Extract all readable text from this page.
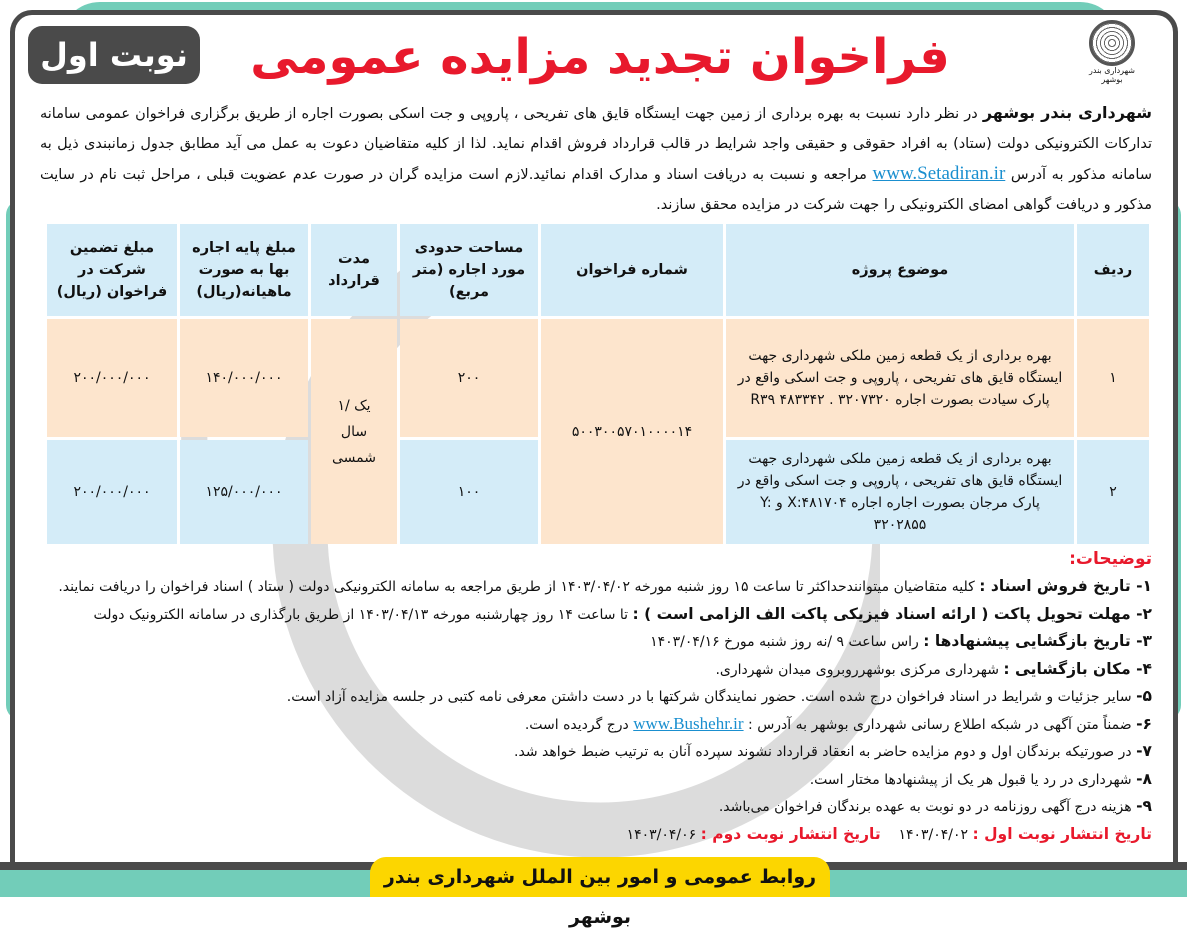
شهرداری بندر بوشهر
فراخوان تجدید مزایده عمومی
نوبت اول
شهرداری بندر بوشهر در نظر دارد نسبت به بهره برداری از زمین جهت ایستگاه قایق های تفریحی ، پاروپی و جت اسکی بصورت اجاره از طریق برگزاری فراخوان عمومی سامانه تدارکات الکترونیکی دولت (ستاد) به افراد حقوقی و حقیقی واجد شرایط در قالب قرارداد فروش اقدام نماید. لذا از کلیه متقاضیان دعوت به عمل می آید مطابق جدول زمانبندی ذیل به سامانه مذکور به آدرس www.Setadiran.ir مراجعه و نسبت به دریافت اسناد و مدارک اقدام نمائید.لازم است مزایده گران در صورت عدم عضویت قبلی ، مراحل ثبت نام در سایت مذکور و دریافت گواهی امضای الکترونیکی را جهت شرکت در مزایده محقق سازند.
ردیف	موضوع پروژه	شماره فراخوان	مساحت حدودی مورد اجاره (متر مربع)	مدت قرارداد	مبلغ پایه اجاره بها به صورت ماهیانه(ریال)	مبلغ تضمین شرکت در فراخوان (ریال)
۱	بهره برداری از یک قطعه زمین ملکی شهرداری جهت ایستگاه قایق های تفریحی ، پاروپی و جت اسکی واقع در پارک سیادت بصورت اجاره R۳۹ ۴۸۳۳۴۲ . ۳۲۰۷۳۲۰	۵۰۰۳۰۰۵۷۰۱۰۰۰۰۱۴	۲۰۰	یک /۱ سال شمسی	۱۴۰/۰۰۰/۰۰۰	۲۰۰/۰۰۰/۰۰۰
۲	بهره برداری از یک قطعه زمین ملکی شهرداری جهت ایستگاه قایق های تفریحی ، پاروپی و جت اسکی واقع در پارک مرجان بصورت اجاره اجاره X:۴۸۱۷۰۴ و Y: ۳۲۰۲۸۵۵		۱۰۰		۱۲۵/۰۰۰/۰۰۰	۲۰۰/۰۰۰/۰۰۰
توضیحات:
۱- تاریخ فروش اسناد : کلیه متقاضیان میتوانندحداکثر تا ساعت ۱۵ روز شنبه مورخه ۱۴۰۳/۰۴/۰۲ از طریق مراجعه به سامانه الکترونیکی دولت ( ستاد ) اسناد فراخوان را دریافت نمایند.
۲- مهلت تحویل پاکت ( ارائه اسناد فیزیکی پاکت الف الزامی است ) : تا ساعت ۱۴ روز چهارشنبه مورخه ۱۴۰۳/۰۴/۱۳ از طریق بارگذاری در سامانه الکترونیک دولت
۳- تاریخ بازگشایی پیشنهادها : راس ساعت ۹ /نه روز شنبه مورخ ۱۴۰۳/۰۴/۱۶
۴- مکان بازگشایی : شهرداری مرکزی بوشهرروبروی میدان شهرداری.
۵- سایر جزئیات و شرایط در اسناد فراخوان درج شده است. حضور نمایندگان شرکتها با در دست داشتن معرفی نامه کتبی در جلسه مزایده آزاد است.
۶- ضمناً متن آگهی در شبکه اطلاع رسانی شهرداری بوشهر به آدرس : www.Bushehr.ir درج گردیده است.
۷- در صورتیکه برندگان اول و دوم مزایده حاضر به انعقاد قرارداد نشوند سپرده آنان به ترتیب ضبط خواهد شد.
۸- شهرداری در رد یا قبول هر یک از پیشنهادها مختار است.
۹- هزینه درج آگهی روزنامه در دو نوبت به عهده برندگان فراخوان می‌باشد.
تاریخ انتشار نوبت اول : ۱۴۰۳/۰۴/۰۲    تاریخ انتشار نوبت دوم : ۱۴۰۳/۰۴/۰۶
روابط عمومی و امور بین الملل شهرداری بندر بوشهر
